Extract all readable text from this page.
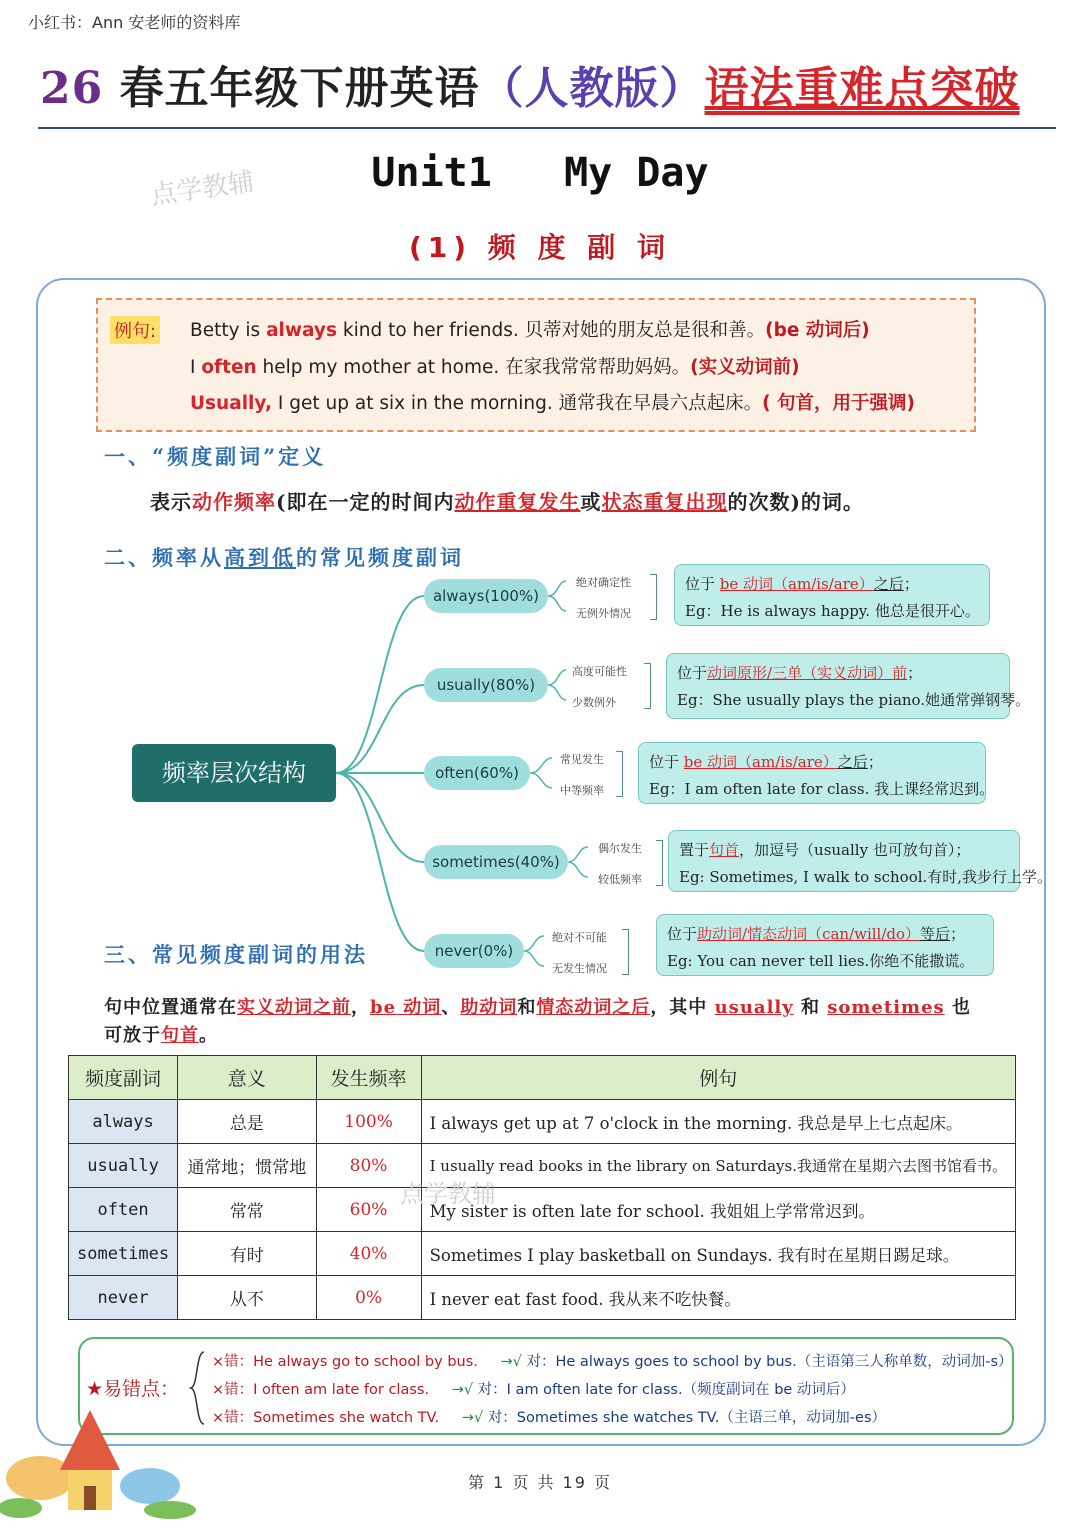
小红书：Ann 安老师的资料库
26 春五年级下册英语（人教版）语法重难点突破
点学教辅	Unit1   My Day
(1) 频 度 副 词
例句: Betty is always kind to her friends. 贝蒂对她的朋友总是很和善。(be 动词后)
I often help my mother at home. 在家我常常帮助妈妈。(实义动词前)
Usually, I get up at six in the morning. 通常我在早晨六点起床。( 句首，用于强调)
一、“频度副词”定义
表示动作频率(即在一定的时间内动作重复发生或状态重复出现的次数)的词。
二、频率从高到低的常见频度副词
频率层次结构
always(100%)
绝对确定性
无例外情况
位于 be 动词（am/is/are）之后；
Eg：He is always happy. 他总是很开心。
usually(80%)
高度可能性
少数例外
位于动词原形/三单（实义动词）前；
Eg：She usually plays the piano.她通常弹钢琴。
often(60%)
常见发生
中等频率
位于 be 动词（am/is/are）之后；
Eg：I am often late for class. 我上课经常迟到。
sometimes(40%)
偶尔发生
较低频率
置于句首，加逗号（usually 也可放句首）；
Eg: Sometimes, I walk to school.有时,我步行上学。
never(0%)
绝对不可能
无发生情况
位于助动词/情态动词（can/will/do）等后；
Eg: You can never tell lies.你绝不能撒谎。
三、常见频度副词的用法
句中位置通常在实义动词之前，be 动词、助动词和情态动词之后，其中 usually 和 sometimes 也可放于句首。
频度副词	意义	发生频率	例句
always	总是	100%	I always get up at 7 o'clock in the morning. 我总是早上七点起床。
usually	通常地；惯常地	80%	I usually read books in the library on Saturdays.我通常在星期六去图书馆看书。
often	常常	60%	My sister is often late for school. 我姐姐上学常常迟到。
sometimes	有时	40%	Sometimes I play basketball on Sundays. 我有时在星期日踢足球。
never	从不	0%	I never eat fast food. 我从来不吃快餐。
点学教辅
★易错点：
×错：He always go to school by bus. →√ 对：He always goes to school by bus.（主语第三人称单数，动词加-s）
×错：I often am late for class. →√ 对：I am often late for class.（频度副词在 be 动词后）
×错：Sometimes she watch TV. →√ 对：Sometimes she watches TV.（主语三单，动词加-es）
第 1 页 共 19 页
